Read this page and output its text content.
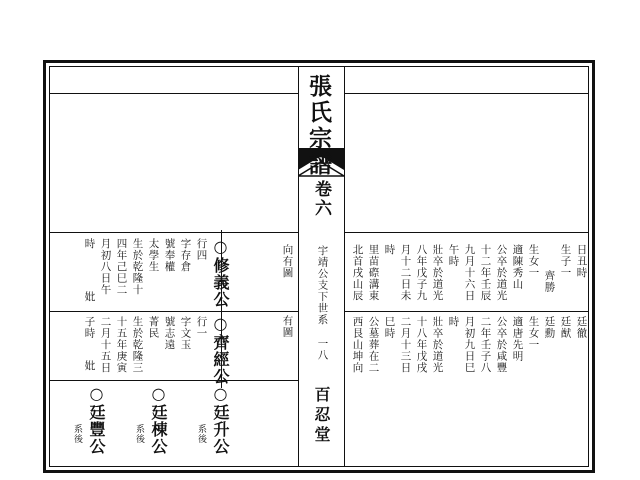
張氏宗譜
卷六
宇靖公支下世系
一八
百忍堂
向有圖
有圖
○修義公
行四
字存倉
號奉權
太學生
生於乾隆十
四年己巳二
月初八日午
時
妣
○齊經公
行一
字文玉
號志遠
菁民
生於乾隆三
十五年庚寅
二月十五日
子時
妣
○廷升公
系後
○廷棟公
系後
○廷豐公
系後
日丑時
生子一
齊勝
生女一
適陳秀山
公卒於道光
十二年壬辰
九月十六日
午時
壯卒於道光
八年戊子九
月十二日未
時
里苗磜溝東
北首戌山辰
廷徹
廷猷
廷勳
生女一
適唐先明
公卒於咸豐
二年壬子八
月初九日巳
時
壯卒於道光
十八年戊戌
二月十三日
巳時
公墓葬在二
西艮山坤向
